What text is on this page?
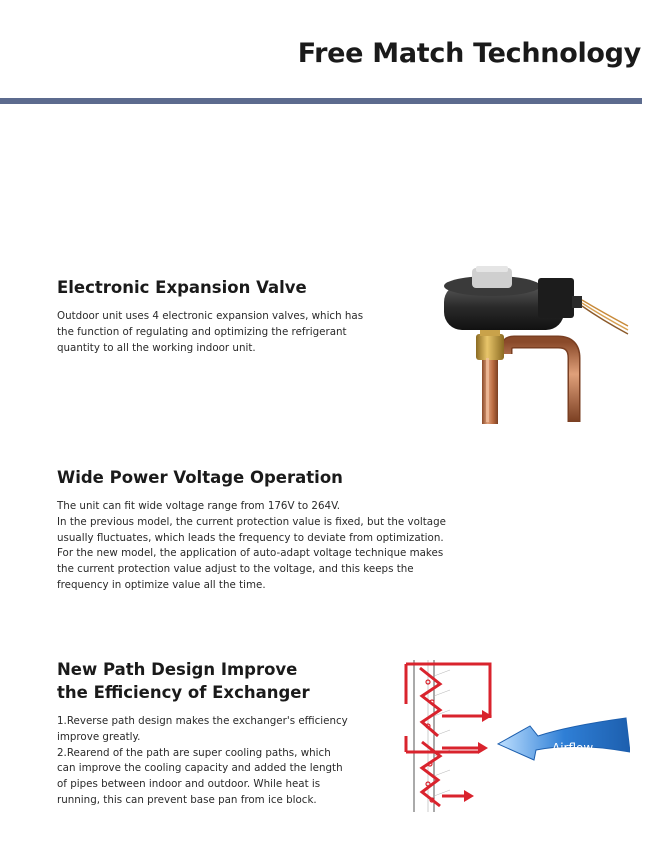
Free Match Technology
Electronic Expansion Valve

Outdoor unit uses 4 electronic expansion valves, which has
the function of regulating and optimizing the refrigerant
quantity to all the working indoor unit.

Wide Power Voltage Operation

The unit can fit wide voltage range from 176V to 264V.
In the previous model, the current protection value is fixed, but the voltage
usually fluctuates, which leads the frequency to deviate from optimization.
For the new model, the application of auto-adapt voltage technique makes
the current protection value adjust to the voltage, and this keeps the
frequency in optimize value all the time.

New Path Design Improve
the Efficiency of Exchanger

1.Reverse path design makes the exchanger's efficiency
improve greatly.
2.Rearend of the path are super cooling paths, which
can improve the cooling capacity and added the length
of pipes between indoor and outdoor. While heat is
running, this can prevent base pan from ice block.

Airflow
